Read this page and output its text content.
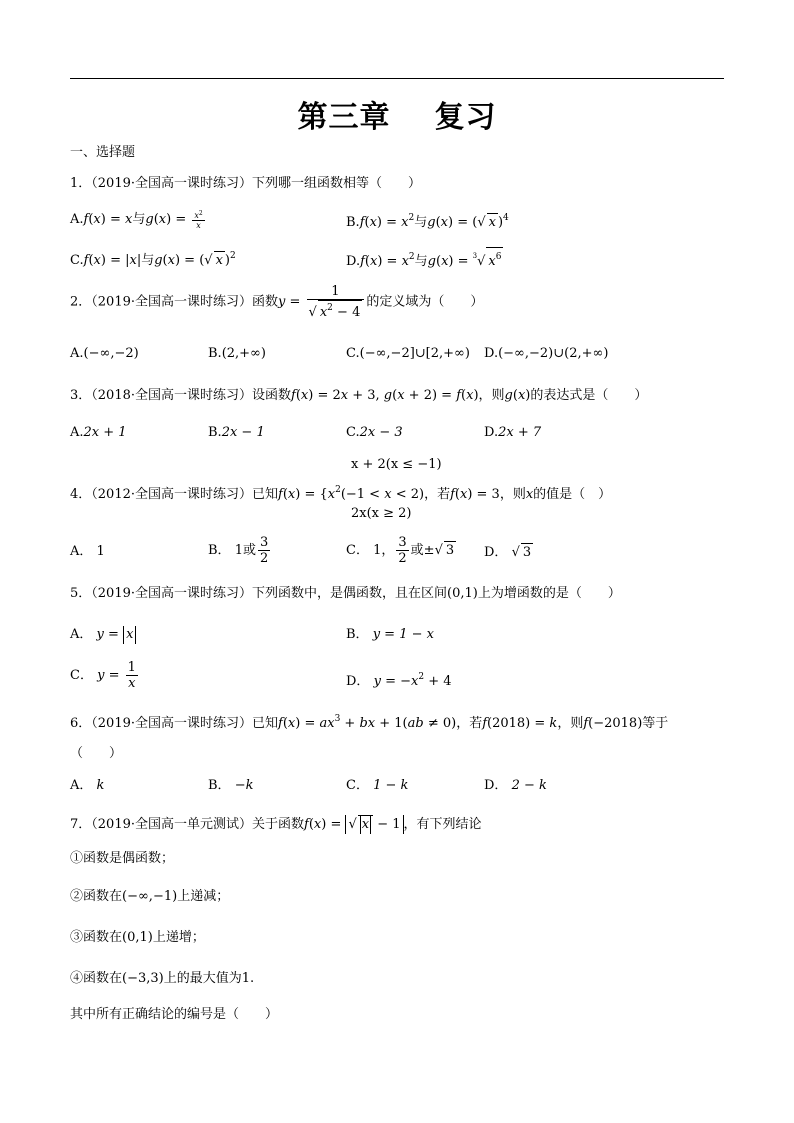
第三章 复习
一、选择题
1．（2019·全国高一课时练习）下列哪一组函数相等（　　）
A.f(x) = x与$g(x) = \frac{x^2}{x}$	$B.f(x) = x^2$与g(x) = (√ x )$^4$
C.f(x) = |x|与g(x) = (√ x )$^2$	$D.f(x) = x^2$与g(x) = $^3$√ $x^6$
2．（2019·全国高一课时练习）函数$y = \frac{1}{√ x^2 - 4}$ 的定义域为（　　）
A.(−∞,−2)	B.(2,+∞)	C.(−∞,−2]∪[2,+∞) D.(−∞,−2)∪(2,+∞)
3．（2018·全国高一课时练习）设函数f(x) = 2x + 3, g(x + 2) = f(x)，则g(x)的表达式是（　　）
A.2x + 1	B.2x − 1	C.2x − 3	D.2x + 7
x + 2(x ≤ −1)
4．（2012·全国高一课时练习）已知$f(x) = \{x^2(-1 < x < 2)$，若f(x) = 3，则x的值是（　）
2x(x ≥ 2)
A． 1	B． 1或 $\frac{3}{2}$	C． 1， $\frac{3}{2}$ 或±√ 3 D． √ 3
5．（2019·全国高一课时练习）下列函数中，是偶函数，且在区间(0,1)上为增函数的是（　　）
A． y = x	B． y = 1 − x
C． $y = \frac{1}{x}$	D． $y = -x^2 + 4$
6．（2019·全国高一课时练习）已知$f(x) = ax^3$ + bx + 1(ab ≠ 0)，若f(2018) = k，则f(−2018)等于
（　　）
A． k	B． −k	C． 1 − k	D． 2 − k
7．（2019·全国高一单元测试）关于函数f(x) = √ x − 1 ，有下列结论
①函数是偶函数；
②函数在(−∞,−1)上递减；
③函数在(0,1)上递增；
④函数在(−3,3)上的最大值为1.
其中所有正确结论的编号是（　　）
